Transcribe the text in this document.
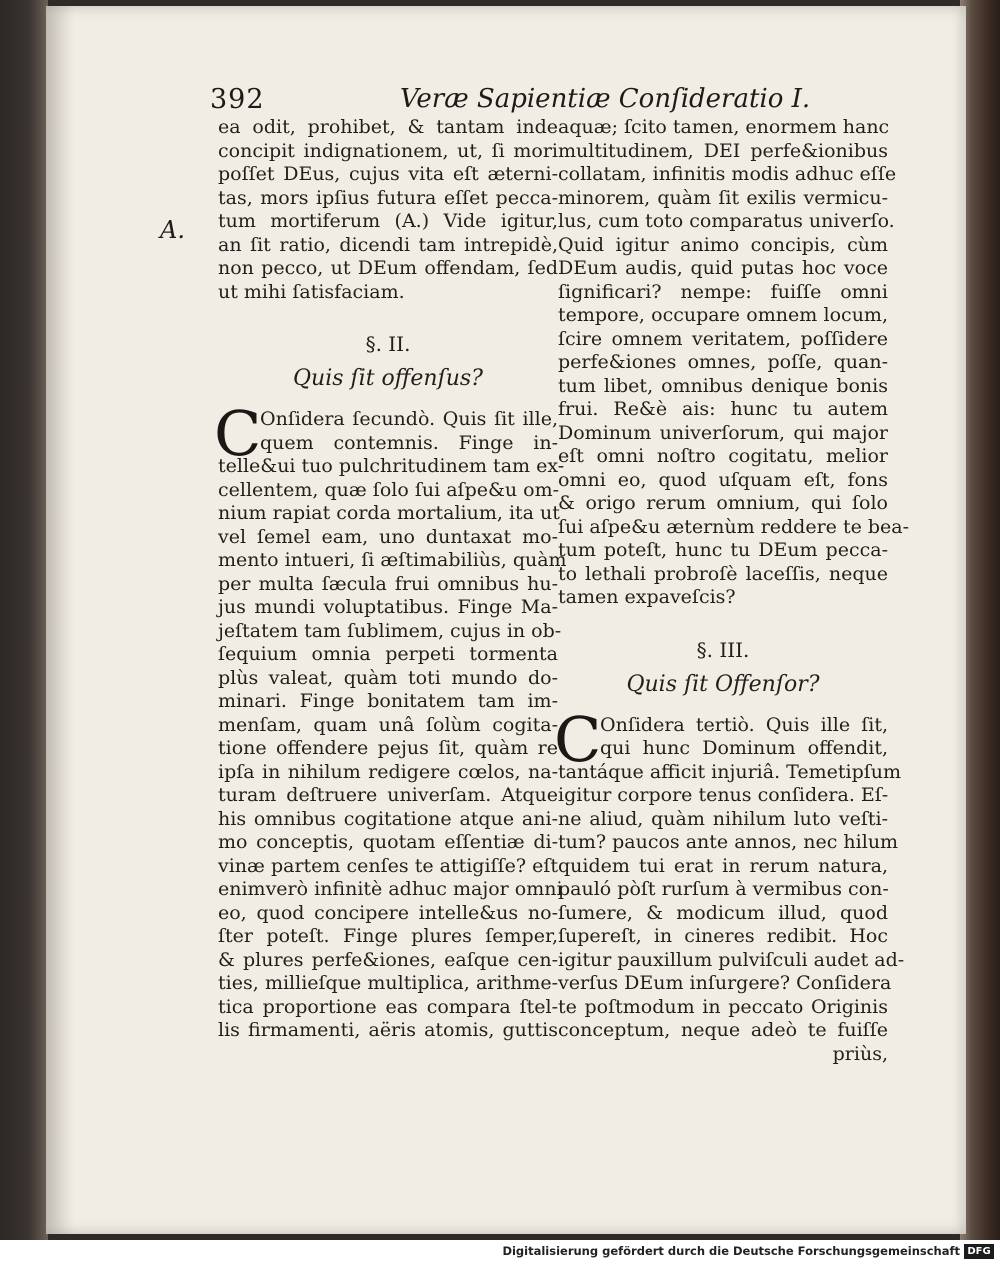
392	Veræ Sapientiæ Conſideratio I.
A.
ea odit, prohibet, & tantam inde
concipit indignationem, ut, ſi mori
poſſet DEus, cujus vita eſt æterni-
tas, mors ipſius futura eſſet pecca-
tum mortiferum (A.) Vide igitur,
an ſit ratio, dicendi tam intrepidè,
non pecco, ut DEum offendam, ſed
ut mihi ſatisfaciam.
§. II.
Quis ſit offenſus?
C
Onſidera ſecundò. Quis ſit ille,
quem contemnis. Finge in-
telle&ui tuo pulchritudinem tam ex-
cellentem, quæ ſolo ſui aſpe&u om-
nium rapiat corda mortalium, ita ut
vel ſemel eam, uno duntaxat mo-
mento intueri, ſi æſtimabiliùs, quàm
per multa ſæcula frui omnibus hu-
jus mundi voluptatibus. Finge Ma-
jeſtatem tam ſublimem, cujus in ob-
ſequium omnia perpeti tormenta
plùs valeat, quàm toti mundo do-
minari. Finge bonitatem tam im-
menſam, quam unâ ſolùm cogita-
tione offendere pejus ſit, quàm re
ipſa in nihilum redigere cœlos, na-
turam deſtruere univerſam. Atque
his omnibus cogitatione atque ani-
mo conceptis, quotam eſſentiæ di-
vinæ partem cenſes te attigiſſe? eſt
enimverò infinitè adhuc major omni
eo, quod concipere intelle&us no-
ſter poteſt. Finge plures ſemper,
& plures perfe&iones, eaſque cen-
ties, millieſque multiplica, arithme-
tica proportione eas compara ſtel-
lis firmamenti, aëris atomis, guttis
aquæ; ſcito tamen, enormem hanc
multitudinem, DEI perfe&ionibus
collatam, infinitis modis adhuc eſſe
minorem, quàm ſit exilis vermicu-
lus, cum toto comparatus univerſo.
Quid igitur animo concipis, cùm
DEum audis, quid putas hoc voce
ſignificari? nempe: fuiſſe omni
tempore, occupare omnem locum,
ſcire omnem veritatem, poſſidere
perfe&iones omnes, poſſe, quan-
tum libet, omnibus denique bonis
frui. Re&è ais: hunc tu autem
Dominum univerſorum, qui major
eſt omni noſtro cogitatu, melior
omni eo, quod uſquam eſt, fons
& origo rerum omnium, qui ſolo
ſui aſpe&u æternùm reddere te bea-
tum poteſt, hunc tu DEum pecca-
to lethali probroſè laceſſis, neque
tamen expaveſcis?
§. III.
Quis ſit Offenſor?
C
Onſidera tertiò. Quis ille ſit,
qui hunc Dominum offendit,
tantáque afficit injuriâ. Temetipſum
igitur corpore tenus conſidera. Eſ-
ne aliud, quàm nihilum luto veſti-
tum? paucos ante annos, nec hilum
quidem tui erat in rerum natura,
pauló pòſt rurſum à vermibus con-
ſumere, & modicum illud, quod
ſupereſt, in cineres redibit. Hoc
igitur pauxillum pulviſculi audet ad-
verſus DEum inſurgere? Conſidera
te poſtmodum in peccato Originis
conceptum, neque adeò te fuiſſe
priùs,
Digitalisierung gefördert durch die Deutsche Forschungsgemeinschaft DFG
